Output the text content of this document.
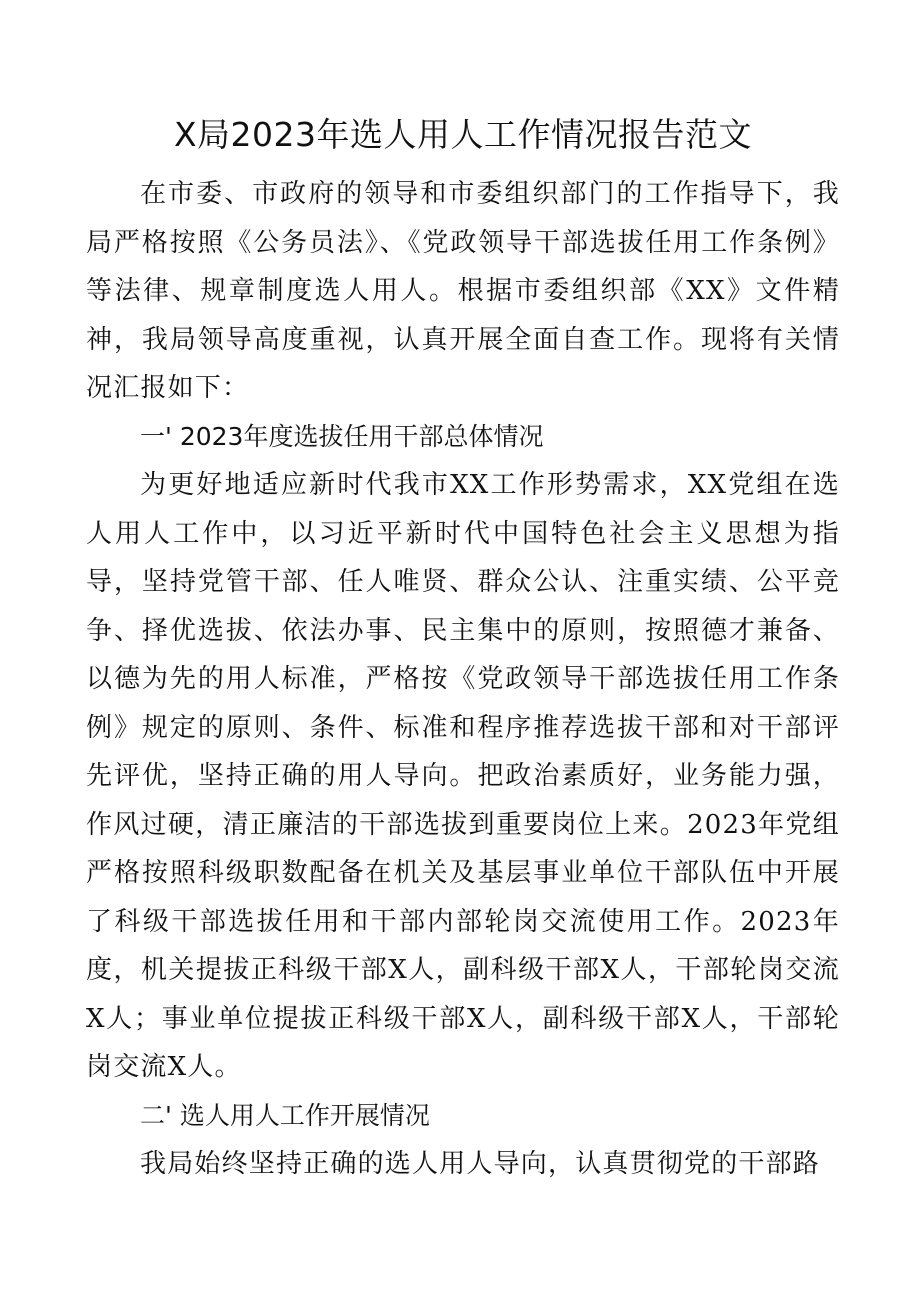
X局2023年选人用人工作情况报告范文

在市委、市政府的领导和市委组织部门的工作指导下，我局严格按照《公务员法》、《党政领导干部选拔任用工作条例》等法律、规章制度选人用人。根据市委组织部《XX》文件精神，我局领导高度重视，认真开展全面自查工作。现将有关情况汇报如下：

一' 2023年度选拔任用干部总体情况

为更好地适应新时代我市XX工作形势需求，XX党组在选人用人工作中，以习近平新时代中国特色社会主义思想为指导，坚持党管干部、任人唯贤、群众公认、注重实绩、公平竞争、择优选拔、依法办事、民主集中的原则，按照德才兼备、以德为先的用人标准，严格按《党政领导干部选拔任用工作条例》规定的原则、条件、标准和程序推荐选拔干部和对干部评先评优，坚持正确的用人导向。把政治素质好，业务能力强，作风过硬，清正廉洁的干部选拔到重要岗位上来。2023年党组严格按照科级职数配备在机关及基层事业单位干部队伍中开展了科级干部选拔任用和干部内部轮岗交流使用工作。2023年度，机关提拔正科级干部X人，副科级干部X人，干部轮岗交流X人；事业单位提拔正科级干部X人，副科级干部X人，干部轮岗交流X人。

二' 选人用人工作开展情况

我局始终坚持正确的选人用人导向，认真贯彻党的干部路
